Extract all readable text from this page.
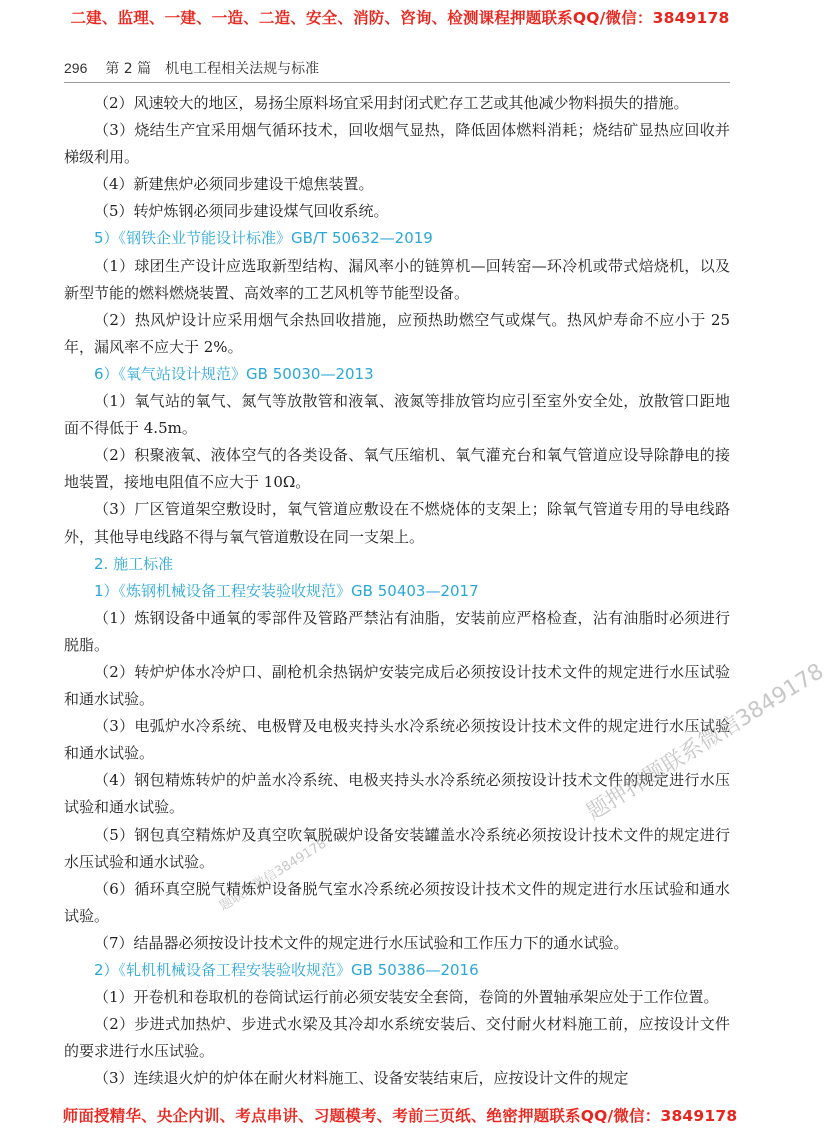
二建、监理、一建、一造、二造、安全、消防、咨询、检测课程押题联系QQ/微信：3849178
296 第 2 篇　机电工程相关法规与标准

（2）风速较大的地区，易扬尘原料场宜采用封闭式贮存工艺或其他减少物料损失的措施。

（3）烧结生产宜采用烟气循环技术，回收烟气显热，降低固体燃料消耗；烧结矿显热应回收并梯级利用。

（4）新建焦炉必须同步建设干熄焦装置。

（5）转炉炼钢必须同步建设煤气回收系统。

5）《钢铁企业节能设计标准》GB/T 50632—2019

（1）球团生产设计应选取新型结构、漏风率小的链箅机—回转窑—环冷机或带式焙烧机，以及新型节能的燃料燃烧装置、高效率的工艺风机等节能型设备。

（2）热风炉设计应采用烟气余热回收措施，应预热助燃空气或煤气。热风炉寿命不应小于 25 年，漏风率不应大于 2%。

6）《氧气站设计规范》GB 50030—2013

（1）氧气站的氧气、氮气等放散管和液氧、液氮等排放管均应引至室外安全处，放散管口距地面不得低于 4.5m。

（2）积聚液氧、液体空气的各类设备、氧气压缩机、氧气灌充台和氧气管道应设导除静电的接地装置，接地电阻值不应大于 10Ω。

（3）厂区管道架空敷设时，氧气管道应敷设在不燃烧体的支架上；除氧气管道专用的导电线路外，其他导电线路不得与氧气管道敷设在同一支架上。

2. 施工标准
1）《炼钢机械设备工程安装验收规范》GB 50403—2017

（1）炼钢设备中通氧的零部件及管路严禁沾有油脂，安装前应严格检查，沾有油脂时必须进行脱脂。

（2）转炉炉体水冷炉口、副枪机余热锅炉安装完成后必须按设计技术文件的规定进行水压试验和通水试验。

（3）电弧炉水冷系统、电极臂及电极夹持头水冷系统必须按设计技术文件的规定进行水压试验和通水试验。

（4）钢包精炼转炉的炉盖水冷系统、电极夹持头水冷系统必须按设计技术文件的规定进行水压试验和通水试验。

（5）钢包真空精炼炉及真空吹氧脱碳炉设备安装罐盖水冷系统必须按设计技术文件的规定进行水压试验和通水试验。

（6）循环真空脱气精炼炉设备脱气室水冷系统必须按设计技术文件的规定进行水压试验和通水试验。

（7）结晶器必须按设计技术文件的规定进行水压试验和工作压力下的通水试验。

2）《轧机机械设备工程安装验收规范》GB 50386—2016

（1）开卷机和卷取机的卷筒试运行前必须安装安全套筒，卷筒的外置轴承架应处于工作位置。

（2）步进式加热炉、步进式水梁及其冷却水系统安装后、交付耐火材料施工前，应按设计文件的要求进行水压试验。

（3）连续退火炉的炉体在耐火材料施工、设备安装结束后，应按设计文件的规定

题押押题联系微信3849178
题联系微信3849178
师面授精华、央企内训、考点串讲、习题模考、考前三页纸、绝密押题联系QQ/微信：3849178
